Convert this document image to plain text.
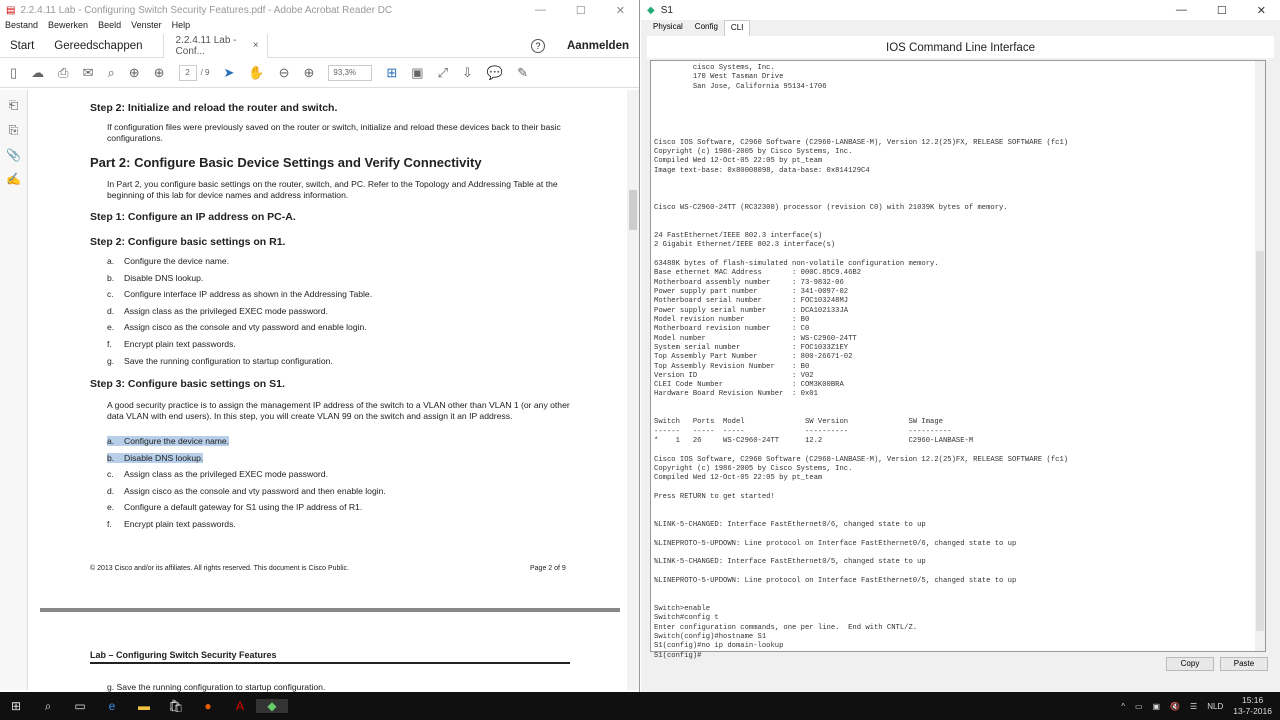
▤ 2.2.4.11 Lab - Configuring Switch Security Features.pdf - Adobe Acrobat Reader DC	—	☐	✕
Bestand Bewerken Beeld Venster Help
Start	Gereedschappen	2.2.4.11 Lab - Conf...	×	?	Aanmelden
▯ ☁ ⎙ ✉ ⌕ ⊕ ⊕	2	/ 9 ➤ ✋ ⊖ ⊕	93,3%	⊞ ▣ ⤢ ⇩ 💬 ✎
⎗
⎘
📎
✍
Step 2: Initialize and reload the router and switch.
If configuration files were previously saved on the router or switch, initialize and reload these devices back to their basic configurations.
Part 2: Configure Basic Device Settings and Verify Connectivity
In Part 2, you configure basic settings on the router, switch, and PC. Refer to the Topology and Addressing Table at the beginning of this lab for device names and address information.
Step 1: Configure an IP address on PC-A.
Step 2: Configure basic settings on R1.
a. Configure the device name.
b. Disable DNS lookup.
c. Configure interface IP address as shown in the Addressing Table.
d. Assign class as the privileged EXEC mode password.
e. Assign cisco as the console and vty password and enable login.
f. Encrypt plain text passwords.
g. Save the running configuration to startup configuration.
Step 3: Configure basic settings on S1.
A good security practice is to assign the management IP address of the switch to a VLAN other than VLAN 1 (or any other data VLAN with end users). In this step, you will create VLAN 99 on the switch and assign it an IP address.
a. Configure the device name.
b. Disable DNS lookup.
c. Assign class as the privileged EXEC mode password.
d. Assign cisco as the console and vty password and then enable login.
e. Configure a default gateway for S1 using the IP address of R1.
f. Encrypt plain text passwords.
© 2013 Cisco and/or its affiliates. All rights reserved. This document is Cisco Public.	Page 2 of 9
Lab – Configuring Switch Security Features
g. Save the running configuration to startup configuration.
◆ S1	—	☐	✕
Physical	Config	CLI
IOS Command Line Interface
cisco Systems, Inc.
170 West Tasman Drive
San Jose, California 95134-1706
Cisco IOS Software, C2960 Software (C2960-LANBASE-M), Version 12.2(25)FX, RELEASE SOFTWARE (fc1)
Copyright (c) 1986-2005 by Cisco Systems, Inc.
Compiled Wed 12-Oct-05 22:05 by pt_team
Image text-base: 0x80008098, data-base: 0x814129C4
Cisco WS-C2960-24TT (RC32300) processor (revision C0) with 21039K bytes of memory.
24 FastEthernet/IEEE 802.3 interface(s)
2 Gigabit Ethernet/IEEE 802.3 interface(s)
63488K bytes of flash-simulated non-volatile configuration memory.
Base ethernet MAC Address       : 000C.85C9.46B2
Motherboard assembly number     : 73-9832-06
Power supply part number        : 341-0097-02
Motherboard serial number       : FOC103248MJ
Power supply serial number      : DCA102133JA
Model revision number           : B0
Motherboard revision number     : C0
Model number                    : WS-C2960-24TT
System serial number            : FOC1033Z1EY
Top Assembly Part Number        : 800-26671-02
Top Assembly Revision Number    : B0
Version ID                      : V02
CLEI Code Number                : COM3K00BRA
Hardware Board Revision Number  : 0x01
Switch   Ports  Model              SW Version              SW Image
------   -----  -----              ----------              ----------
*    1   26     WS-C2960-24TT      12.2                    C2960-LANBASE-M
Cisco IOS Software, C2960 Software (C2960-LANBASE-M), Version 12.2(25)FX, RELEASE SOFTWARE (fc1)
Copyright (c) 1986-2005 by Cisco Systems, Inc.
Compiled Wed 12-Oct-05 22:05 by pt_team
Press RETURN to get started!
%LINK-5-CHANGED: Interface FastEthernet0/6, changed state to up
%LINEPROTO-5-UPDOWN: Line protocol on Interface FastEthernet0/6, changed state to up
%LINK-5-CHANGED: Interface FastEthernet0/5, changed state to up
%LINEPROTO-5-UPDOWN: Line protocol on Interface FastEthernet0/5, changed state to up
Switch>enable
Switch#config t
Enter configuration commands, one per line.  End with CNTL/Z.
Switch(config)#hostname S1
S1(config)#no ip domain-lookup
S1(config)#
Copy	Paste
⊞	⌕	▭	e	▬	🛍	●	A	◆	^ ▭ ▣ 🔇 ☰ NLD
15:16
13-7-2016
